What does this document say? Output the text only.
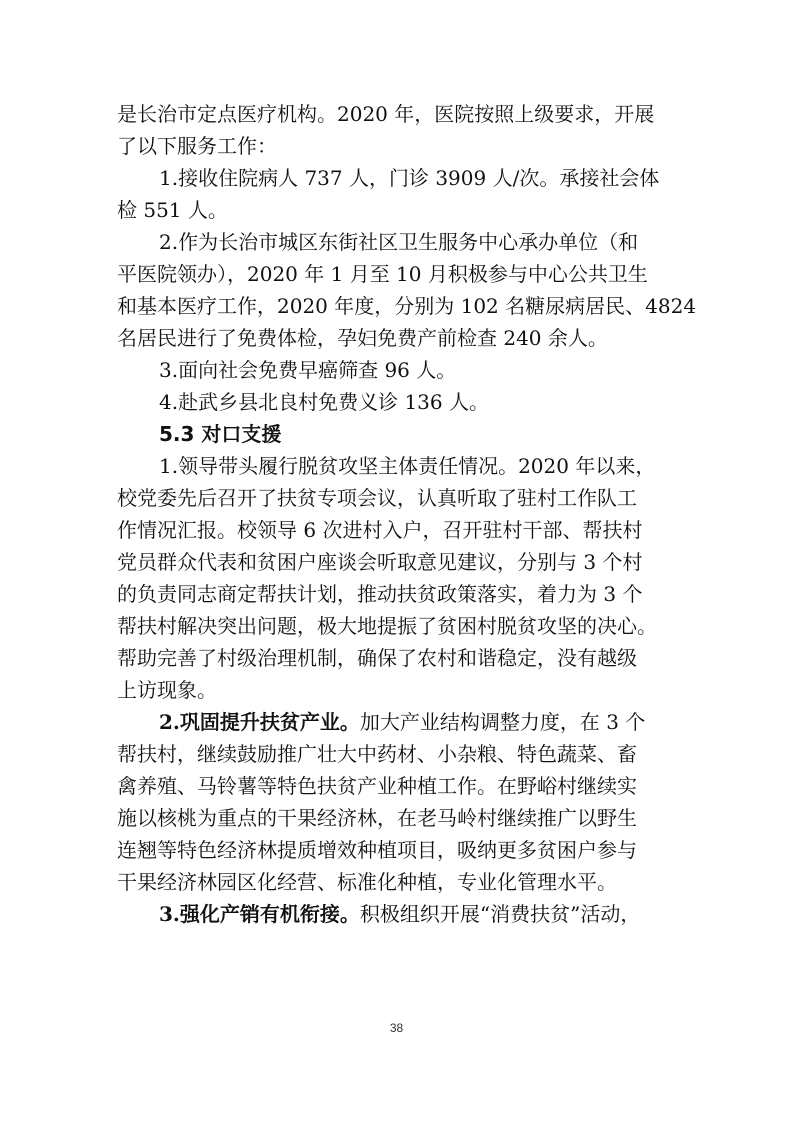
是长治市定点医疗机构。2020 年，医院按照上级要求，开展
了以下服务工作：
1.接收住院病人 737 人，门诊 3909 人/次。承接社会体
检 551 人。
2.作为长治市城区东街社区卫生服务中心承办单位（和
平医院领办），2020 年 1 月至 10 月积极参与中心公共卫生
和基本医疗工作，2020 年度，分别为 102 名糖尿病居民、4824
名居民进行了免费体检，孕妇免费产前检查 240 余人。
3.面向社会免费早癌筛查 96 人。
4.赴武乡县北良村免费义诊 136 人。
5.3 对口支援
1.领导带头履行脱贫攻坚主体责任情况。2020 年以来，
校党委先后召开了扶贫专项会议，认真听取了驻村工作队工
作情况汇报。校领导 6 次进村入户，召开驻村干部、帮扶村
党员群众代表和贫困户座谈会听取意见建议，分别与 3 个村
的负责同志商定帮扶计划，推动扶贫政策落实，着力为 3 个
帮扶村解决突出问题，极大地提振了贫困村脱贫攻坚的决心。
帮助完善了村级治理机制，确保了农村和谐稳定，没有越级
上访现象。
2.巩固提升扶贫产业。加大产业结构调整力度，在 3 个
帮扶村，继续鼓励推广壮大中药材、小杂粮、特色蔬菜、畜
禽养殖、马铃薯等特色扶贫产业种植工作。在野峪村继续实
施以核桃为重点的干果经济林，在老马岭村继续推广以野生
连翘等特色经济林提质增效种植项目，吸纳更多贫困户参与
干果经济林园区化经营、标准化种植，专业化管理水平。
3.强化产销有机衔接。积极组织开展“消费扶贫”活动，
38
